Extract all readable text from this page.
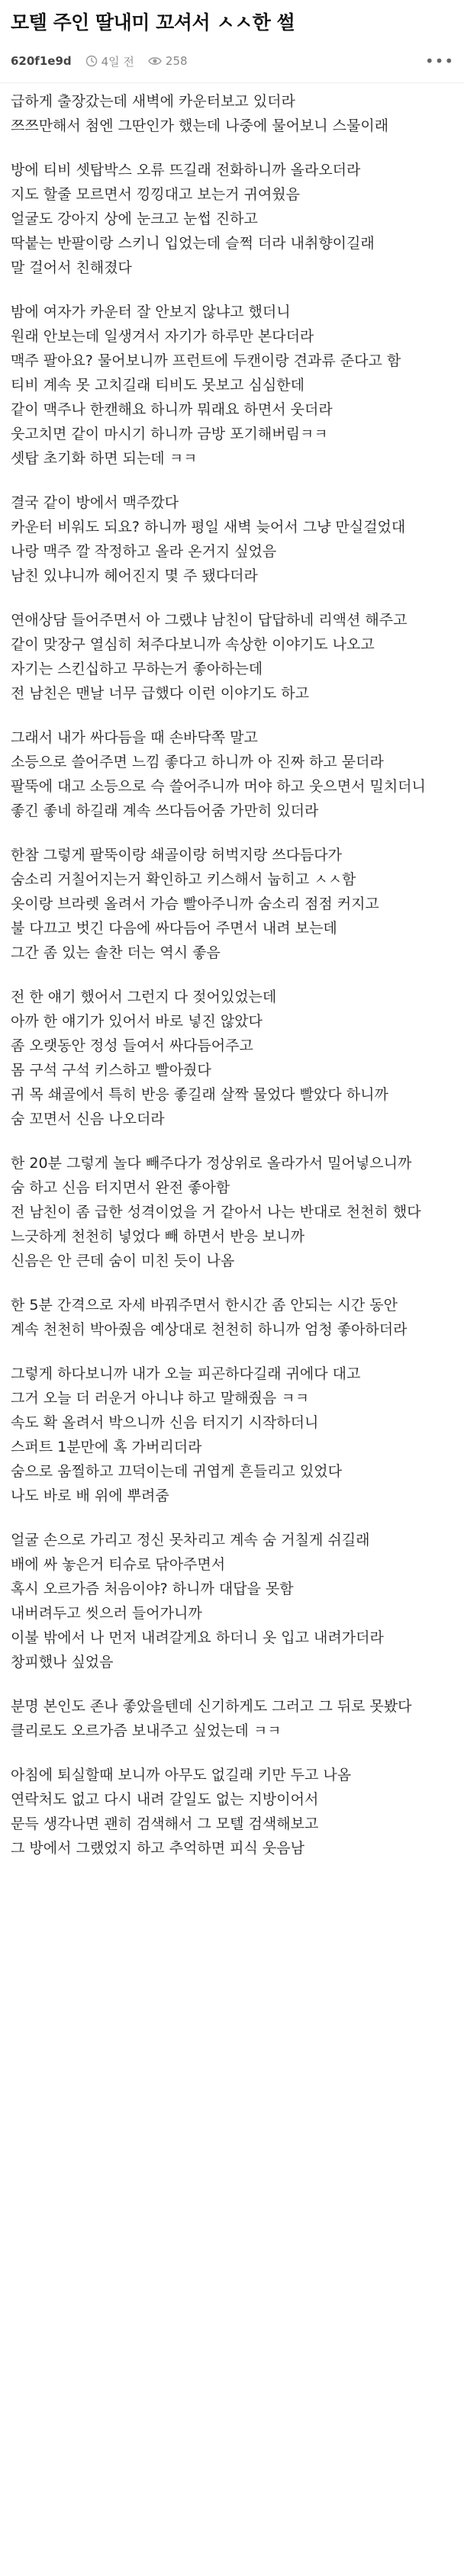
모텔 주인 딸내미 꼬셔서 ㅅㅅ한 썰
620f1e9d	4일 전	258	•••
급하게 출장갔는데 새벽에 카운터보고 있더라
쯔쯔만해서 첨엔 그딴인가 했는데 나중에 물어보니 스물이래
방에 티비 셋탑박스 오류 뜨길래 전화하니까 올라오더라
지도 할줄 모르면서 낑낑대고 보는거 귀여웠음
얼굴도 강아지 상에 눈크고 눈썹 진하고
딱붙는 반팔이랑 스키니 입었는데 슬쩍 더라 내취향이길래
말 걸어서 친해졌다
밤에 여자가 카운터 잘 안보지 않냐고 했더니
원래 안보는데 일생겨서 자기가 하루만 본다더라
맥주 팔아요? 물어보니까 프런트에 두캔이랑 견과류 준다고 함
티비 계속 못 고치길래 티비도 못보고 심심한데
같이 맥주나 한캔해요 하니까 뭐래요 하면서 웃더라
웃고치면 같이 마시기 하니까 금방 포기해버림ㅋㅋ
셋탑 초기화 하면 되는데 ㅋㅋ
결국 같이 방에서 맥주깠다
카운터 비워도 되요? 하니까 평일 새벽 늦어서 그냥 만실걸었대
나랑 맥주 깔 작정하고 올라 온거지 싶었음
남친 있냐니까 헤어진지 몇 주 됐다더라
연애상담 들어주면서 아 그랬냐 남친이 답답하네 리액션 해주고
같이 맞장구 열심히 쳐주다보니까 속상한 이야기도 나오고
자기는 스킨십하고 무하는거 좋아하는데
전 남친은 맨날 너무 급했다 이런 이야기도 하고
그래서 내가 싸다듬을 때 손바닥쪽 말고
소등으로 쓸어주면 느낌 좋다고 하니까 아 진짜 하고 묻더라
팔뚝에 대고 소등으로 슥 쓸어주니까 머야 하고 웃으면서 밀치더니
좋긴 좋네 하길래 계속 쓰다듬어줌 가만히 있더라
한참 그렇게 팔뚝이랑 쇄골이랑 허벅지랑 쓰다듬다가
숨소리 거칠어지는거 확인하고 키스해서 눕히고 ㅅㅅ함
옷이랑 브라렛 올려서 가슴 빨아주니까 숨소리 점점 커지고
불 다끄고 벗긴 다음에 싸다듬어 주면서 내려 보는데
그간 좀 있는 솔찬 더는 역시 좋음
전 한 얘기 했어서 그런지 다 젖어있었는데
아까 한 얘기가 있어서 바로 넣진 않았다
좀 오랫동안 정성 들여서 싸다듬어주고
몸 구석 구석 키스하고 빨아줬다
귀 목 쇄골에서 특히 반응 좋길래 살짝 물었다 빨았다 하니까
숨 꼬면서 신음 나오더라
한 20분 그렇게 놀다 빼주다가 정상위로 올라가서 밀어넣으니까
숨 하고 신음 터지면서 완전 좋아함
전 남친이 좀 급한 성격이었을 거 같아서 나는 반대로 천천히 했다
느긋하게 천천히 넣었다 빼 하면서 반응 보니까
신음은 안 큰데 숨이 미친 듯이 나옴
한 5분 간격으로 자세 바꿔주면서 한시간 좀 안되는 시간 동안
계속 천천히 박아줬음 예상대로 천천히 하니까 엄청 좋아하더라
그렇게 하다보니까 내가 오늘 피곤하다길래 귀에다 대고
그거 오늘 더 러운거 아니냐 하고 말해줬음 ㅋㅋ
속도 확 올려서 박으니까 신음 터지기 시작하더니
스퍼트 1분만에 혹 가버리더라
숨으로 움찔하고 끄덕이는데 귀엽게 흔들리고 있었다
나도 바로 배 위에 뿌려줌
얼굴 손으로 가리고 정신 못차리고 계속 숨 거칠게 쉬길래
배에 싸 놓은거 티슈로 닦아주면서
혹시 오르가즘 처음이야? 하니까 대답을 못함
내버려두고 씻으러 들어가니까
이불 밖에서 나 먼저 내려갈게요 하더니 옷 입고 내려가더라
창피했나 싶었음
분명 본인도 존나 좋았을텐데 신기하게도 그러고 그 뒤로 못봤다
클리로도 오르가즘 보내주고 싶었는데 ㅋㅋ
아침에 퇴실할때 보니까 아무도 없길래 키만 두고 나옴
연락처도 없고 다시 내려 갈일도 없는 지방이어서
문득 생각나면 괜히 검색해서 그 모텔 검색해보고
그 방에서 그랬었지 하고 추억하면 피식 웃음남
